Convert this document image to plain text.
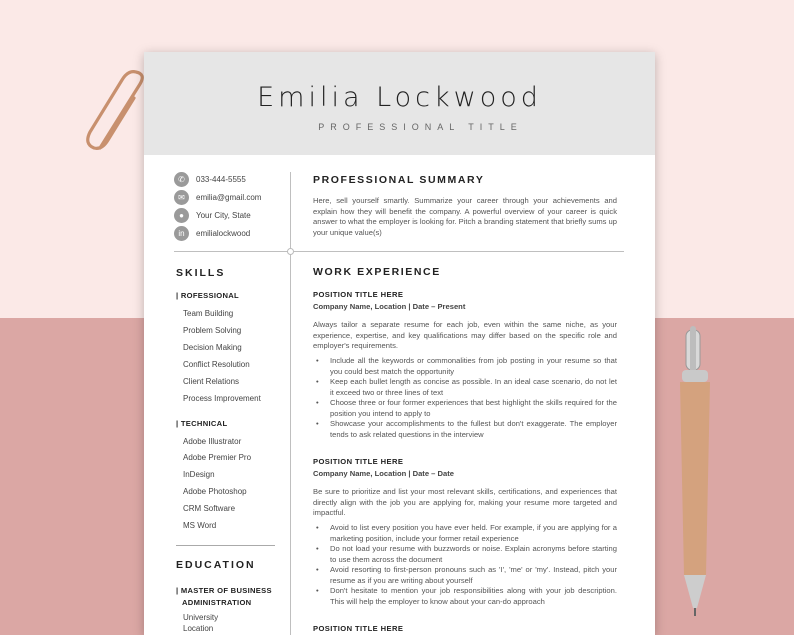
Emilia Lockwood
PROFESSIONAL TITLE
✆	033-444-5555
✉	emilia@gmail.com
●	Your City, State
in	emilialockwood
SKILLS
| ROFESSIONAL
Team Building
Problem Solving
Decision Making
Conflict Resolution
Client Relations
Process Improvement
| TECHNICAL
Adobe Illustrator
Adobe Premier Pro
InDesign
Adobe Photoshop
CRM Software
MS Word
EDUCATION
| MASTER OF BUSINESS
ADMINISTRATION
University
Location
PROFESSIONAL SUMMARY
Here, sell yourself smartly. Summarize your career through your achievements and explain how they will benefit the company. A powerful overview of your career is quick answer to what the employer is looking for. Pitch a branding statement that briefly sums up your unique value(s)
WORK EXPERIENCE
POSITION TITLE HERE
Company Name, Location | Date – Present
Always tailor a separate resume for each job, even within the same niche, as your experience, expertise, and key qualifications may differ based on the specific role and employer's requirements.
• Include all the keywords or commonalities from job posting in your resume so that you could best match the opportunity
• Keep each bullet length as concise as possible. In an ideal case scenario, do not let it exceed two or three lines of text
• Choose three or four former experiences that best highlight the skills required for the position you intend to apply to
• Showcase your accomplishments to the fullest but don't exaggerate. The employer tends to ask related questions in the interview
POSITION TITLE HERE
Company Name, Location | Date – Date
Be sure to prioritize and list your most relevant skills, certifications, and experiences that directly align with the job you are applying for, making your resume more targeted and impactful.
• Avoid to list every position you have ever held. For example, if you are applying for a marketing position, include your former retail experience
• Do not load your resume with buzzwords or noise. Explain acronyms before starting to use them across the document
• Avoid resorting to first-person pronouns such as 'I', 'me' or 'my'. Instead, pitch your resume as if you are writing about yourself
• Don't hesitate to mention your job responsibilities along with your job description. This will help the employer to know about your can-do approach
POSITION TITLE HERE
